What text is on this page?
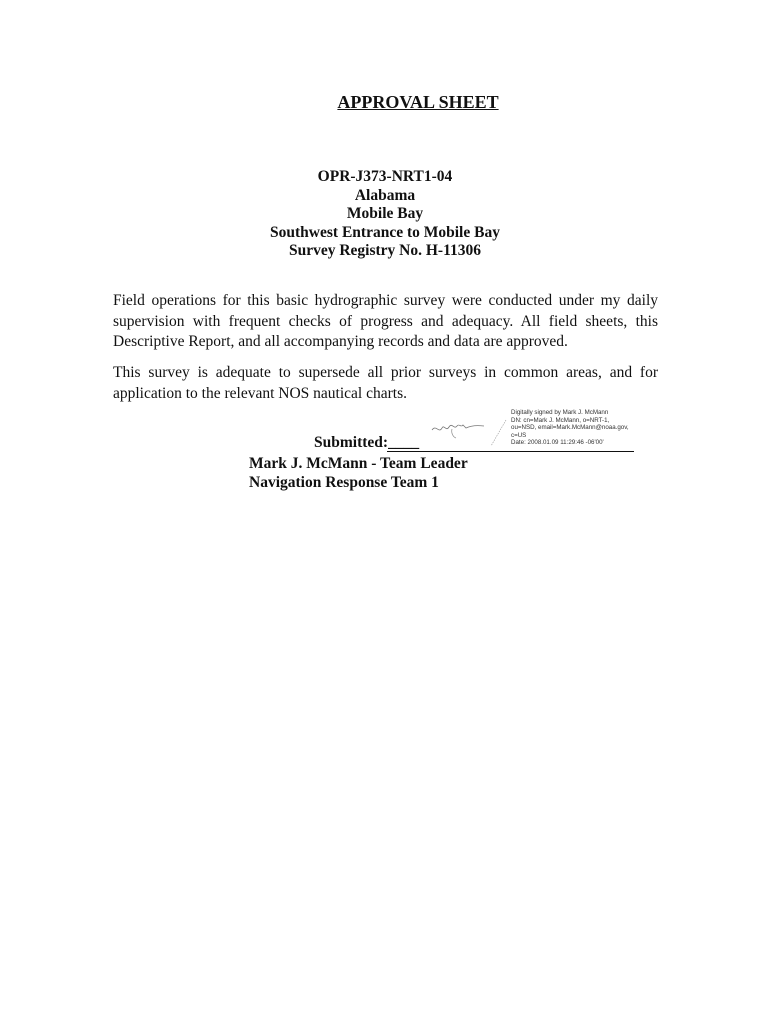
APPROVAL SHEET
OPR-J373-NRT1-04
Alabama
Mobile Bay
Southwest Entrance to Mobile Bay
Survey Registry No. H-11306
Field operations for this basic hydrographic survey were conducted under my daily supervision with frequent checks of progress and adequacy. All field sheets, this Descriptive Report, and all accompanying records and data are approved.
This survey is adequate to supersede all prior surveys in common areas, and for application to the relevant NOS nautical charts.
Digitally signed by Mark J. McMann
DN: cn=Mark J. McMann, o=NRT-1,
ou=NSD, email=Mark.McMann@noaa.gov,
c=US
Date: 2008.01.09 11:29:46 -06'00'
Submitted:____
Mark J. McMann - Team Leader
Navigation Response Team 1
